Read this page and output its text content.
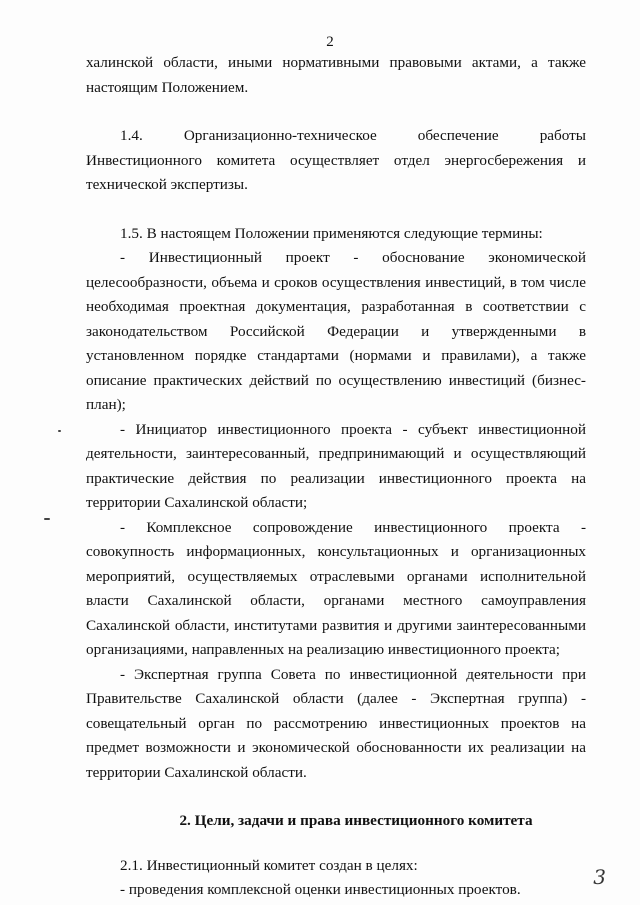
2

халинской области, иными нормативными правовыми актами, а также настоящим Положением.

1.4. Организационно-техническое обеспечение работы Инвестиционного комитета осуществляет отдел энергосбережения и технической экспертизы.

1.5. В настоящем Положении применяются следующие термины:

- Инвестиционный проект - обоснование экономической целесообразности, объема и сроков осуществления инвестиций, в том числе необходимая проектная документация, разработанная в соответствии с законодательством Российской Федерации и утвержденными в установленном порядке стандартами (нормами и правилами), а также описание практических действий по осуществлению инвестиций (бизнес-план);

- Инициатор инвестиционного проекта - субъект инвестиционной деятельности, заинтересованный, предпринимающий и осуществляющий практические действия по реализации инвестиционного проекта на территории Сахалинской области;

- Комплексное сопровождение инвестиционного проекта - совокупность информационных, консультационных и организационных мероприятий, осуществляемых отраслевыми органами исполнительной власти Сахалинской области, органами местного самоуправления Сахалинской области, институтами развития и другими заинтересованными организациями, направленных на реализацию инвестиционного проекта;

- Экспертная группа Совета по инвестиционной деятельности при Правительстве Сахалинской области (далее - Экспертная группа) - совещательный орган по рассмотрению инвестиционных проектов на предмет возможности и экономической обоснованности их реализации на территории Сахалинской области.

2. Цели, задачи и права инвестиционного комитета

2.1. Инвестиционный комитет создан в целях:

- проведения комплексной оценки инвестиционных проектов.

3
